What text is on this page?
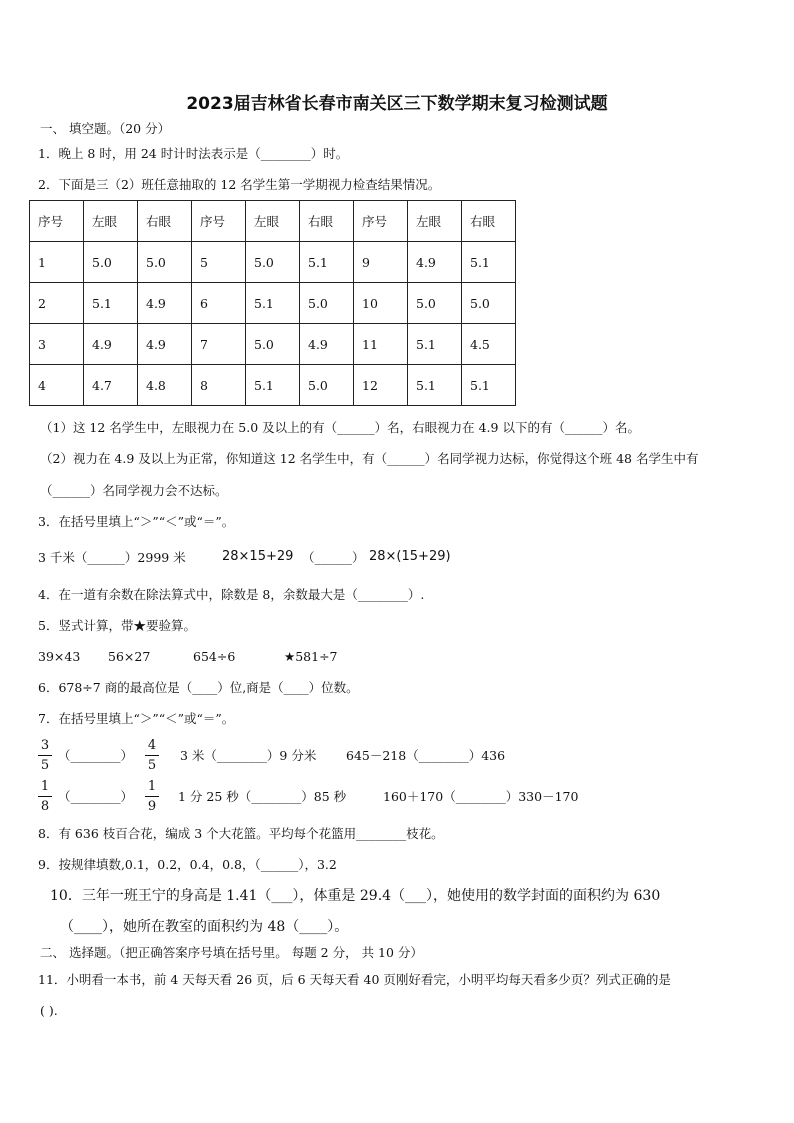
2023届吉林省长春市南关区三下数学期末复习检测试题
一、 填空题。（20 分）
1．晚上 8 时，用 24 时计时法表示是（________）时。
2．下面是三（2）班任意抽取的 12 名学生第一学期视力检查结果情况。
序号	左眼	右眼	序号	左眼	右眼	序号	左眼	右眼
1	5.0	5.0	5	5.0	5.1	9	4.9	5.1
2	5.1	4.9	6	5.1	5.0	10	5.0	5.0
3	4.9	4.9	7	5.0	4.9	11	5.1	4.5
4	4.7	4.8	8	5.1	5.0	12	5.1	5.1
（1）这 12 名学生中，左眼视力在 5.0 及以上的有（______）名，右眼视力在 4.9 以下的有（______）名。
（2）视力在 4.9 及以上为正常，你知道这 12 名学生中，有（______）名同学视力达标，你觉得这个班 48 名学生中有
（______）名同学视力会不达标。
3．在括号里填上“＞”“＜”或“＝”。
3 千米（______）2999 米	28×15+29 （______） 28×(15+29)
4．在一道有余数在除法算式中，除数是 8，余数最大是（________）.
5．竖式计算，带★要验算。
39×43 56×27	654÷6	★581÷7
6．678÷7 商的最高位是（____）位,商是（____）位数。
7．在括号里填上“＞”“＜”或“＝”。
3
5
（________）
4
5
3 米（________）9 分米 645－218（________）436
1
8
（________）
1
9
1 分 25 秒（________）85 秒	160＋170（________）330－170
8．有 636 枝百合花，编成 3 个大花篮。平均每个花篮用________枝花。
9．按规律填数,0.1，0.2，0.4，0.8，（______），3.2
10．三年一班王宁的身高是 1.41（___），体重是 29.4（___），她使用的数学封面的面积约为 630
（____），她所在教室的面积约为 48（____）。
二、 选择题。（把正确答案序号填在括号里。 每题 2 分， 共 10 分）
11．小明看一本书，前 4 天每天看 26 页，后 6 天每天看 40 页刚好看完，小明平均每天看多少页？列式正确的是
( ).
